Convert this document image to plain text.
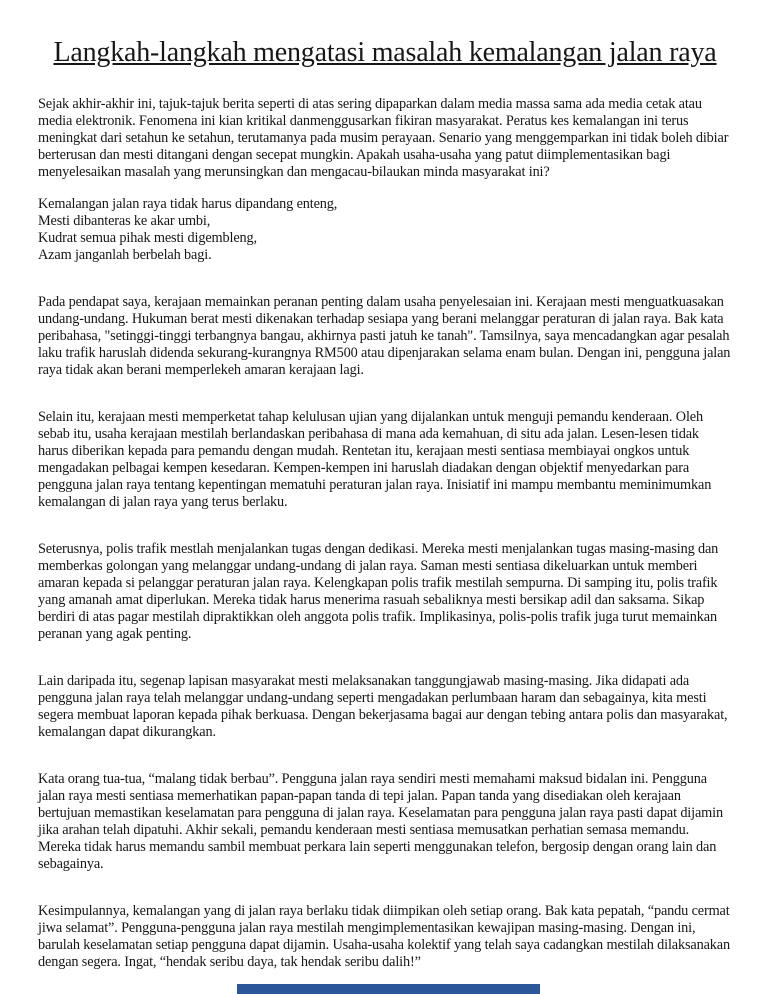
Langkah-langkah mengatasi masalah kemalangan jalan raya

Sejak akhir-akhir ini, tajuk-tajuk berita seperti di atas sering dipaparkan dalam media massa sama ada media cetak atau media elektronik. Fenomena ini kian kritikal danmenggusarkan fikiran masyarakat. Peratus kes kemalangan ini terus meningkat dari setahun ke setahun, terutamanya pada musim perayaan. Senario yang menggemparkan ini tidak boleh dibiar berterusan dan mesti ditangani dengan secepat mungkin. Apakah usaha-usaha yang patut diimplementasikan bagi menyelesaikan masalah yang merunsingkan dan mengacau-bilaukan minda masyarakat ini?

Kemalangan jalan raya tidak harus dipandang enteng,
Mesti dibanteras ke akar umbi,
Kudrat semua pihak mesti digembleng,
Azam janganlah berbelah bagi.

Pada pendapat saya, kerajaan memainkan peranan penting dalam usaha penyelesaian ini. Kerajaan mesti menguatkuasakan undang-undang. Hukuman berat mesti dikenakan terhadap sesiapa yang berani melanggar peraturan di jalan raya. Bak kata peribahasa, "setinggi-tinggi terbangnya bangau, akhirnya pasti jatuh ke tanah". Tamsilnya, saya mencadangkan agar pesalah laku trafik haruslah didenda sekurang-kurangnya RM500 atau dipenjarakan selama enam bulan. Dengan ini, pengguna jalan raya tidak akan berani memperlekeh amaran kerajaan lagi.

Selain itu, kerajaan mesti memperketat tahap kelulusan ujian yang dijalankan untuk menguji pemandu kenderaan. Oleh sebab itu, usaha kerajaan mestilah berlandaskan peribahasa di mana ada kemahuan, di situ ada jalan. Lesen-lesen tidak harus diberikan kepada para pemandu dengan mudah. Rentetan itu, kerajaan mesti sentiasa membiayai ongkos untuk mengadakan pelbagai kempen kesedaran. Kempen-kempen ini haruslah diadakan dengan objektif menyedarkan para pengguna jalan raya tentang kepentingan mematuhi peraturan jalan raya. Inisiatif ini mampu membantu meminimumkan kemalangan di jalan raya yang terus berlaku.

Seterusnya, polis trafik mestlah menjalankan tugas dengan dedikasi. Mereka mesti menjalankan tugas masing-masing dan memberkas golongan yang melanggar undang-undang di jalan raya. Saman mesti sentiasa dikeluarkan untuk memberi amaran kepada si pelanggar peraturan jalan raya. Kelengkapan polis trafik mestilah sempurna. Di samping itu, polis trafik yang amanah amat diperlukan. Mereka tidak harus menerima rasuah sebaliknya mesti bersikap adil dan saksama. Sikap berdiri di atas pagar mestilah dipraktikkan oleh anggota polis trafik. Implikasinya, polis-polis trafik juga turut memainkan peranan yang agak penting.

Lain daripada itu, segenap lapisan masyarakat mesti melaksanakan tanggungjawab masing-masing. Jika didapati ada pengguna jalan raya telah melanggar undang-undang seperti mengadakan perlumbaan haram dan sebagainya, kita mesti segera membuat laporan kepada pihak berkuasa. Dengan bekerjasama bagai aur dengan tebing antara polis dan masyarakat, kemalangan dapat dikurangkan.

Kata orang tua-tua, “malang tidak berbau”. Pengguna jalan raya sendiri mesti memahami maksud bidalan ini. Pengguna jalan raya mesti sentiasa memerhatikan papan-papan tanda di tepi jalan. Papan tanda yang disediakan oleh kerajaan bertujuan memastikan keselamatan para pengguna di jalan raya. Keselamatan para pengguna jalan raya pasti dapat dijamin jika arahan telah dipatuhi. Akhir sekali, pemandu kenderaan mesti sentiasa memusatkan perhatian semasa memandu. Mereka tidak harus memandu sambil membuat perkara lain seperti menggunakan telefon, bergosip dengan orang lain dan sebagainya.

Kesimpulannya, kemalangan yang di jalan raya berlaku tidak diimpikan oleh setiap orang. Bak kata pepatah, “pandu cermat jiwa selamat”. Pengguna-pengguna jalan raya mestilah mengimplementasikan kewajipan masing-masing. Dengan ini, barulah keselamatan setiap pengguna dapat dijamin. Usaha-usaha kolektif yang telah saya cadangkan mestilah dilaksanakan dengan segera. Ingat, “hendak seribu daya, tak hendak seribu dalih!”
